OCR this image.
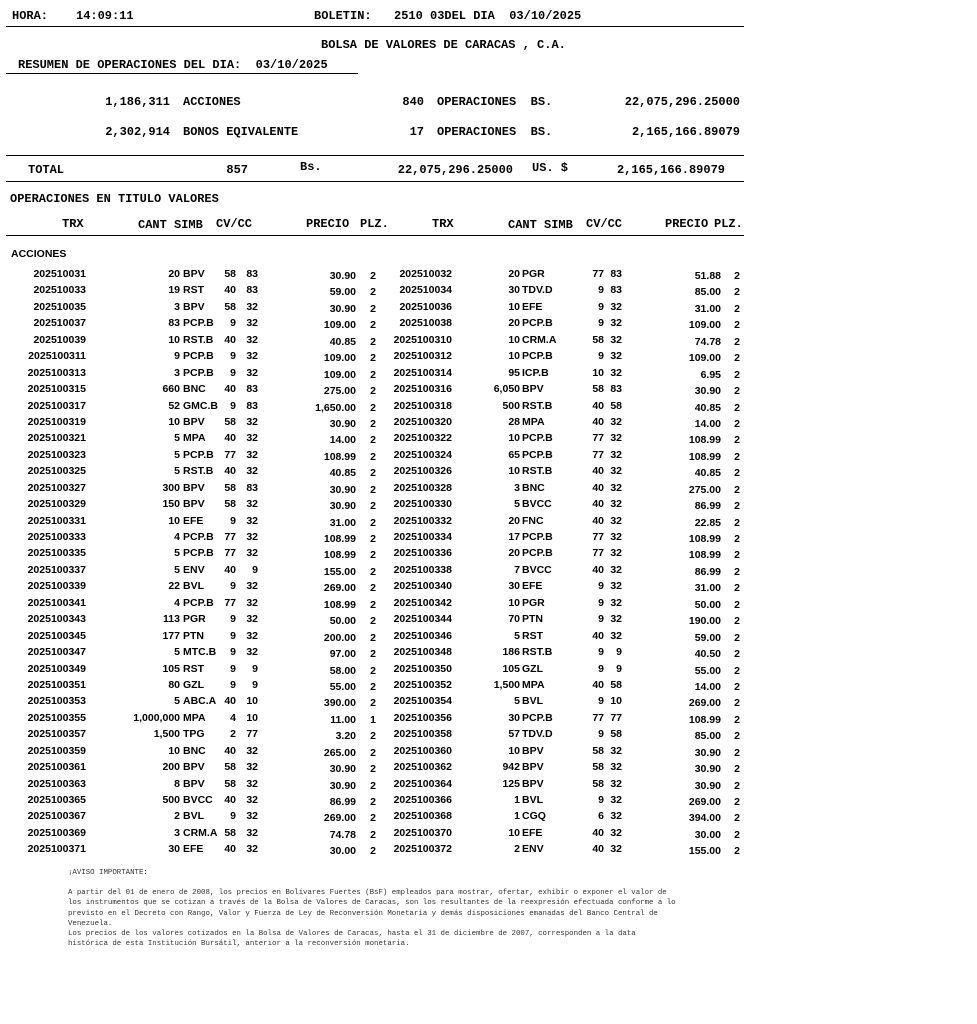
HORA: 14:09:11	BOLETIN: 2510 03DEL DIA  03/10/2025
BOLSA DE VALORES DE CARACAS , C.A.
RESUMEN DE OPERACIONES DEL DIA:  03/10/2025
1,186,311 ACCIONES	840 OPERACIONES  BS.	22,075,296.25000
2,302,914 BONOS EQIVALENTE	17 OPERACIONES  BS.	2,165,166.89079
TOTAL	857	Bs.	22,075,296.25000 US. $	2,165,166.89079
OPERACIONES EN TITULO VALORES
TRX	CANT SIMB CV/CC	PRECIO PLZ.	TRX	CANT SIMB CV/CC	PRECIO PLZ.
ACCIONES
202510031	20 BPV	58 83	30.90	2	202510032	20 PGR	77 83	51.88	2
202510033	19 RST	40 83	59.00	2	202510034	30 TDV.D	9 83	85.00	2
202510035	3 BPV	58 32	30.90	2	202510036	10 EFE	9 32	31.00	2
202510037	83 PCP.B	9 32	109.00	2	202510038	20 PCP.B	9 32	109.00	2
202510039	10 RST.B	40 32	40.85	2	2025100310	10 CRM.A	58 32	74.78	2
2025100311	9 PCP.B	9 32	109.00	2	2025100312	10 PCP.B	9 32	109.00	2
2025100313	3 PCP.B	9 32	109.00	2	2025100314	95 ICP.B	10 32	6.95	2
2025100315	660 BNC	40 83	275.00	2	2025100316	6,050 BPV	58 83	30.90	2
2025100317	52 GMC.B	9 83	1,650.00	2	2025100318	500 RST.B	40 58	40.85	2
2025100319	10 BPV	58 32	30.90	2	2025100320	28 MPA	40 32	14.00	2
2025100321	5 MPA	40 32	14.00	2	2025100322	10 PCP.B	77 32	108.99	2
2025100323	5 PCP.B	77 32	108.99	2	2025100324	65 PCP.B	77 32	108.99	2
2025100325	5 RST.B	40 32	40.85	2	2025100326	10 RST.B	40 32	40.85	2
2025100327	300 BPV	58 83	30.90	2	2025100328	3 BNC	40 32	275.00	2
2025100329	150 BPV	58 32	30.90	2	2025100330	5 BVCC	40 32	86.99	2
2025100331	10 EFE	9 32	31.00	2	2025100332	20 FNC	40 32	22.85	2
2025100333	4 PCP.B	77 32	108.99	2	2025100334	17 PCP.B	77 32	108.99	2
2025100335	5 PCP.B	77 32	108.99	2	2025100336	20 PCP.B	77 32	108.99	2
2025100337	5 ENV	40	9	155.00	2	2025100338	7 BVCC	40 32	86.99	2
2025100339	22 BVL	9 32	269.00	2	2025100340	30 EFE	9 32	31.00	2
2025100341	4 PCP.B	77 32	108.99	2	2025100342	10 PGR	9 32	50.00	2
2025100343	113 PGR	9 32	50.00	2	2025100344	70 PTN	9 32	190.00	2
2025100345	177 PTN	9 32	200.00	2	2025100346	5 RST	40 32	59.00	2
2025100347	5 MTC.B	9 32	97.00	2	2025100348	186 RST.B	9	9	40.50	2
2025100349	105 RST	9	9	58.00	2	2025100350	105 GZL	9	9	55.00	2
2025100351	80 GZL	9	9	55.00	2	2025100352	1,500 MPA	40 58	14.00	2
2025100353	5 ABC.A 40 10	390.00	2	2025100354	5 BVL	9 10	269.00	2
2025100355	1,000,000 MPA	4 10	11.00	1	2025100356	30 PCP.B	77 77	108.99	2
2025100357	1,500 TPG	2 77	3.20	2	2025100358	57 TDV.D	9 58	85.00	2
2025100359	10 BNC	40 32	265.00	2	2025100360	10 BPV	58 32	30.90	2
2025100361	200 BPV	58 32	30.90	2	2025100362	942 BPV	58 32	30.90	2
2025100363	8 BPV	58 32	30.90	2	2025100364	125 BPV	58 32	30.90	2
2025100365	500 BVCC	40 32	86.99	2	2025100366	1 BVL	9 32	269.00	2
2025100367	2 BVL	9 32	269.00	2	2025100368	1 CGQ	6 32	394.00	2
2025100369	3 CRM.A 58 32	74.78	2	2025100370	10 EFE	40 32	30.00	2
2025100371	30 EFE	40 32	30.00	2	2025100372	2 ENV	40 32	155.00	2

¡AVISO IMPORTANTE:

A partir del 01 de enero de 2008, los precios en Bolívares Fuertes (BsF) empleados para mostrar, ofertar, exhibir o exponer el valor de

los instrumentos que se cotizan a través de la Bolsa de Valores de Caracas, son los resultantes de la reexpresión efectuada conforme a lo

previsto en el Decreto con Rango, Valor y Fuerza de Ley de Reconversión Monetaria y demás disposiciones emanadas del Banco Central de

Venezuela.

Los precios de los valores cotizados en la Bolsa de Valores de Caracas, hasta el 31 de diciembre de 2007, corresponden a la data

histórica de esta Institución Bursátil, anterior a la reconversión monetaria.
